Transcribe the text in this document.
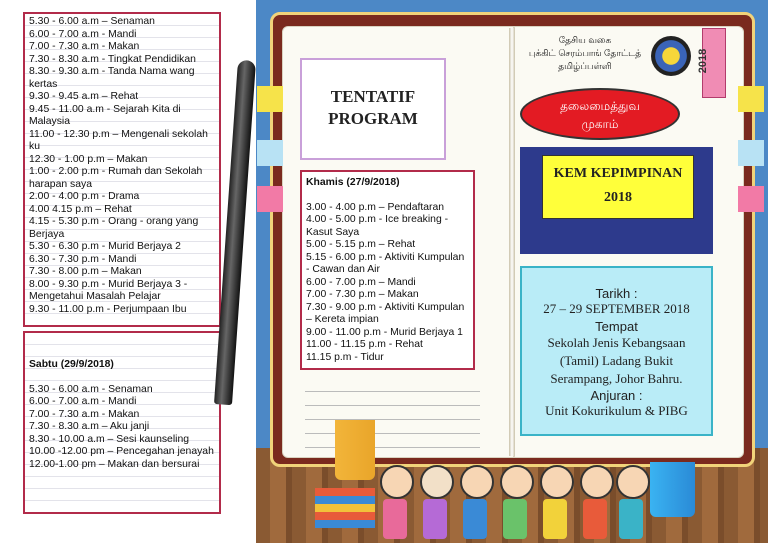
5.30 - 6.00 a.m – Senaman
6.00 - 7.00 a.m - Mandi
7.00 - 7.30 a.m - Makan
7.30 - 8.30 a.m - Tingkat Pendidikan
8.30 - 9.30 a.m - Tanda Nama wang kertas
9.30 - 9.45 a.m – Rehat
9.45 - 11.00 a.m - Sejarah Kita di Malaysia
11.00 - 12.30 p.m – Mengenali sekolah ku
12.30 - 1.00 p.m – Makan
1.00 - 2.00 p.m - Rumah dan Sekolah harapan saya
2.00 - 4.00 p.m - Drama
4.00 4.15 p.m – Rehat
4.15 - 5.30 p.m - Orang - orang yang Berjaya
5.30 - 6.30 p.m - Murid Berjaya 2
6.30 - 7.30 p.m - Mandi
7.30 - 8.00 p.m – Makan
8.00 - 9.30 p.m - Murid Berjaya 3 - Mengetahui Masalah Pelajar
9.30 - 11.00 p.m - Perjumpaan Ibu
Sabtu (29/9/2018)
5.30 - 6.00 a.m - Senaman
6.00 - 7.00 a.m - Mandi
7.00 - 7.30 a.m - Makan
7.30 - 8.30 a.m – Aku janji
8.30 - 10.00 a.m – Sesi kaunseling
10.00 -12.00 pm – Pencegahan jenayah
12.00-1.00 pm – Makan dan bersurai
TENTATIF
PROGRAM
Khamis (27/9/2018)
3.00 - 4.00 p.m – Pendaftaran
4.00 - 5.00 p.m - Ice breaking - Kasut Saya
5.00 - 5.15 p.m – Rehat
5.15 - 6.00 p.m - Aktiviti Kumpulan - Cawan dan Air
6.00 - 7.00 p.m – Mandi
7.00 - 7.30 p.m – Makan
7.30 - 9.00 p.m - Aktiviti Kumpulan – Kereta impian
9.00 - 11.00 p.m - Murid Berjaya 1
11.00 - 11.15 p.m - Rehat
11.15 p.m - Tidur
தேசிய வகை
புக்கிட் செரம்பாங் தோட்டத்
தமிழ்ப்பள்ளி	2018
தலைமைத்துவ
முகாம்
KEM KEPIMPINAN
2018
Tarikh :
27 – 29 SEPTEMBER 2018
Tempat
Sekolah Jenis Kebangsaan (Tamil) Ladang Bukit Serampang, Johor Bahru.
Anjuran :
Unit Kokurikulum & PIBG
